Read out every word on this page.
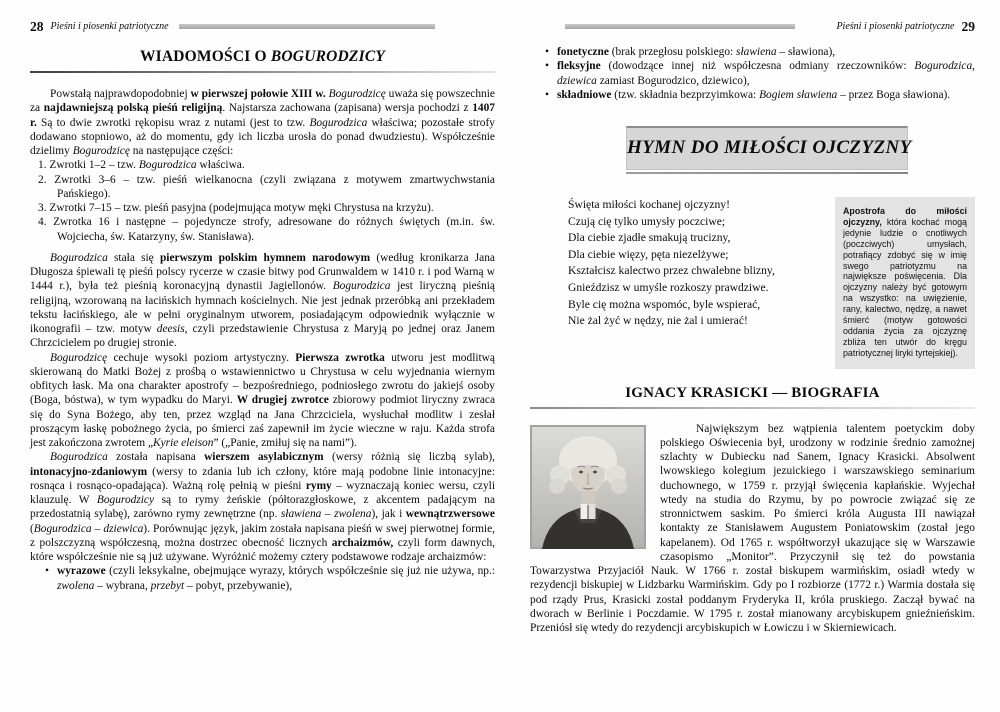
28 Pieśni i piosenki patriotyczne
WIADOMOŚCI O BOGURODZICY

Powstałą najprawdopodobniej w pierwszej połowie XIII w. Bogurodzicę uważa się powszechnie za najdawniejszą polską pieśń religijną. Najstarsza zachowana (zapisana) wersja pochodzi z 1407 r. Są to dwie zwrotki rękopisu wraz z nutami (jest to tzw. Bogurodzica właściwa; pozostałe strofy dodawano stopniowo, aż do momentu, gdy ich liczba urosła do ponad dwudziestu). Współcześnie dzielimy Bogurodzicę na następujące części:

1. Zwrotki 1–2 – tzw. Bogurodzica właściwa.

2. Zwrotki 3–6 – tzw. pieśń wielkanocna (czyli związana z motywem zmartwychwstania Pańskiego).

3. Zwrotki 7–15 – tzw. pieśń pasyjna (podejmująca motyw męki Chrystusa na krzyżu).

4. Zwrotka 16 i następne – pojedyncze strofy, adresowane do różnych świętych (m.in. św. Wojciecha, św. Katarzyny, św. Stanisława).

Bogurodzica stała się pierwszym polskim hymnem narodowym (według kronikarza Jana Długosza śpiewali tę pieśń polscy rycerze w czasie bitwy pod Grunwaldem w 1410 r. i pod Warną w 1444 r.), była też pieśnią koronacyjną dynastii Jagiellonów. Bogurodzica jest liryczną pieśnią religijną, wzorowaną na łacińskich hymnach kościelnych. Nie jest jednak przeróbką ani przekładem tekstu łacińskiego, ale w pełni oryginalnym utworem, posiadającym odpowiednik wyłącznie w ikonografii – tzw. motyw deesis, czyli przedstawienie Chrystusa z Maryją po jednej oraz Janem Chrzcicielem po drugiej stronie.

Bogurodzicę cechuje wysoki poziom artystyczny. Pierwsza zwrotka utworu jest modlitwą skierowaną do Matki Bożej z prośbą o wstawiennictwo u Chrystusa w celu wyjednania wiernym obfitych łask. Ma ona charakter apostrofy – bezpośredniego, podniosłego zwrotu do jakiejś osoby (Boga, bóstwa), w tym wypadku do Maryi. W drugiej zwrotce zbiorowy podmiot liryczny zwraca się do Syna Bożego, aby ten, przez wzgląd na Jana Chrzciciela, wysłuchał modlitw i zesłał proszącym łaskę pobożnego życia, po śmierci zaś zapewnił im życie wieczne w raju. Każda strofa jest zakończona zwrotem „Kyrie eleison” („Panie, zmiłuj się na nami”).

Bogurodzica została napisana wierszem asylabicznym (wersy różnią się liczbą sylab), intonacyjno-zdaniowym (wersy to zdania lub ich człony, które mają podobne linie intonacyjne: rosnąca i rosnąco-opadająca). Ważną rolę pełnią w pieśni rymy – wyznaczają koniec wersu, czyli klauzulę. W Bogurodzicy są to rymy żeńskie (półtorazgłoskowe, z akcentem padającym na przedostatnią sylabę), zarówno rymy zewnętrzne (np. sławiena – zwolena), jak i wewnątrzwersowe (Bogurodzica – dziewica). Porównując język, jakim została napisana pieśń w swej pierwotnej formie, z polszczyzną współczesną, można dostrzec obecność licznych archaizmów, czyli form dawnych, które współcześnie nie są już używane. Wyróżnić możemy cztery podstawowe rodzaje archaizmów:

• wyrazowe (czyli leksykalne, obejmujące wyrazy, których współcześnie się już nie używa, np.: zwolena – wybrana, przebyt – pobyt, przebywanie),
Pieśni i piosenki patriotyczne 29
• fonetyczne (brak przegłosu polskiego: sławiena – sławiona),
• fleksyjne (dowodzące innej niż współczesna odmiany rzeczowników: Bogurodzica, dziewica zamiast Bogurodzico, dziewico),
• składniowe (tzw. składnia bezprzyimkowa: Bogiem sławiena – przez Boga sławiona).
HYMN DO MIŁOŚCI OJCZYZNY
Święta miłości kochanej ojczyzny!
Czują cię tylko umysły poczciwe;
Dla ciebie zjadłe smakują trucizny,
Dla ciebie więzy, pęta niezelżywe;
Kształcisz kalectwo przez chwalebne blizny,
Gnieździsz w umyśle rozkoszy prawdziwe.
Byle cię można wspomóc, byle wspierać,
Nie żal żyć w nędzy, nie żal i umierać!
Apostrofa do miłości ojczyzny, która kochać mogą jedynie ludzie o cnotliwych (poczciwych) umysłach, potrafiący zdobyć się w imię swego patriotyzmu na największe poświęcenia. Dla ojczyzny należy być gotowym na wszystko: na uwięzienie, rany, kalectwo, nędzę, a nawet śmierć (motyw gotowości oddania życia za ojczyznę zbliża ten utwór do kręgu patriotycznej liryki tyrtejskiej).
IGNACY KRASICKI — BIOGRAFIA

Największym bez wątpienia talentem poetyckim doby polskiego Oświecenia był, urodzony w rodzinie średnio zamożnej szlachty w Dubiecku nad Sanem, Ignacy Krasicki. Absolwent lwowskiego kolegium jezuickiego i warszawskiego seminarium duchownego, w 1759 r. przyjął święcenia kapłańskie. Wyjechał wtedy na studia do Rzymu, by po powrocie związać się ze stronnictwem saskim. Po śmierci króla Augusta III nawiązał kontakty ze Stanisławem Augustem Poniatowskim (został jego kapelanem). Od 1765 r. współtworzył ukazujące się w Warszawie czasopismo „Monitor”. Przyczynił się też do powstania Towarzystwa Przyjaciół Nauk. W 1766 r. został biskupem warmińskim, osiadł wtedy w rezydencji biskupiej w Lidzbarku Warmińskim. Gdy po I rozbiorze (1772 r.) Warmia dostała się pod rządy Prus, Krasicki został poddanym Fryderyka II, króla pruskiego. Zaczął bywać na dworach w Berlinie i Poczdamie. W 1795 r. został mianowany arcybiskupem gnieźnieńskim. Przeniósł się wtedy do rezydencji arcybiskupich w Łowiczu i w Skierniewicach.
